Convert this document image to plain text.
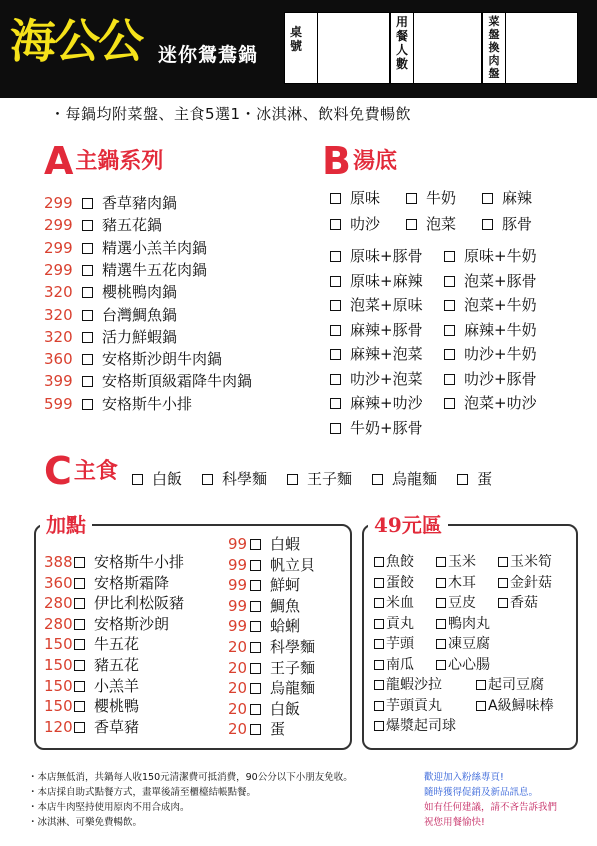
海公公 迷你鴛鴦鍋
桌號
用餐人數
菜盤換肉盤
・每鍋均附菜盤、主食5選1・冰淇淋、飲料免費暢飲
A主鍋系列
299 香草豬肉鍋
299 豬五花鍋
299 精選小羔羊肉鍋
299 精選牛五花肉鍋
320 櫻桃鴨肉鍋
320 台灣鯛魚鍋
320 活力鮮蝦鍋
360 安格斯沙朗牛肉鍋
399 安格斯頂級霜降牛肉鍋
599 安格斯牛小排
B湯底
原味	牛奶	麻辣
叻沙	泡菜	豚骨
原味+豚骨	原味+牛奶
原味+麻辣	泡菜+豚骨
泡菜+原味	泡菜+牛奶
麻辣+豚骨	麻辣+牛奶
麻辣+泡菜	叻沙+牛奶
叻沙+泡菜	叻沙+豚骨
麻辣+叻沙	泡菜+叻沙
牛奶+豚骨
C主食	白飯	科學麵	王子麵	烏龍麵	蛋
加點
388 安格斯牛小排
360 安格斯霜降
280 伊比利松阪豬
280 安格斯沙朗
150 牛五花
150 豬五花
150 小羔羊
150 櫻桃鴨
120 香草豬
99 白蝦
99 帆立貝
99 鮮蚵
99 鯛魚
99 蛤蜊
20 科學麵
20 王子麵
20 烏龍麵
20 白飯
20 蛋
49元區
魚餃	玉米	玉米筍
蛋餃	木耳	金針菇
米血	豆皮	香菇
貢丸	鴨肉丸
芋頭	凍豆腐
南瓜	心心腸
龍蝦沙拉	起司豆腐
芋頭貢丸	A級鱘味棒
爆漿起司球
・本店無低消，共鍋每人收150元清潔費可抵消費，90公分以下小朋友免收。
・本店採自助式點餐方式，畫單後請至櫃檯結帳點餐。
・本店牛肉堅持使用原肉不用合成肉。
・冰淇淋、可樂免費暢飲。
歡迎加入粉絲專頁!
隨時獲得促銷及新品訊息。
如有任何建議，請不吝告訴我們
祝您用餐愉快!
